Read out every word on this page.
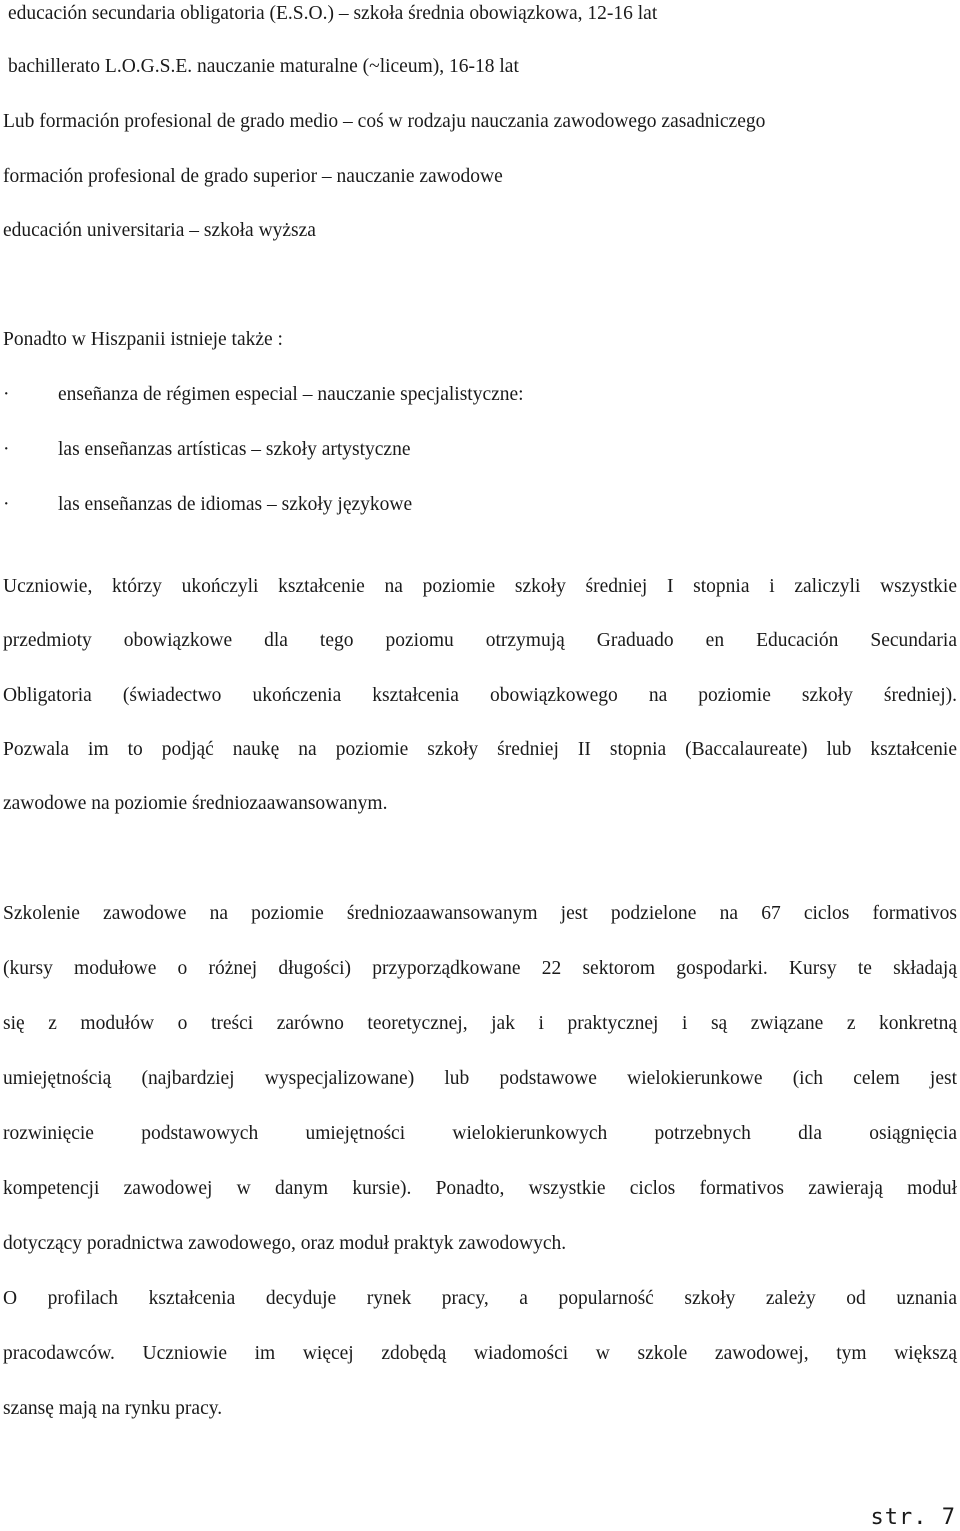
educación secundaria obligatoria (E.S.O.) – szkoła średnia obowiązkowa, 12-16 lat
bachillerato L.O.G.S.E. nauczanie maturalne (~liceum), 16-18 lat
Lub formación profesional de grado medio – coś w rodzaju nauczania zawodowego zasadniczego
formación profesional de grado superior – nauczanie zawodowe
educación universitaria – szkoła wyższa
Ponadto w Hiszpanii istnieje także :
· enseñanza de régimen especial – nauczanie specjalistyczne:
· las enseñanzas artísticas – szkoły artystyczne
· las enseñanzas de idiomas – szkoły językowe
Uczniowie, którzy ukończyli kształcenie na poziomie szkoły średniej I stopnia i zaliczyli wszystkie
przedmioty obowiązkowe dla tego poziomu otrzymują Graduado en Educación Secundaria
Obligatoria (świadectwo ukończenia kształcenia obowiązkowego na poziomie szkoły średniej).
Pozwala im to podjąć naukę na poziomie szkoły średniej II stopnia (Baccalaureate) lub kształcenie
zawodowe na poziomie średniozaawansowanym.
Szkolenie zawodowe na poziomie średniozaawansowanym jest podzielone na 67 ciclos formativos
(kursy modułowe o różnej długości) przyporządkowane 22 sektorom gospodarki. Kursy te składają
się z modułów o treści zarówno teoretycznej, jak i praktycznej i są związane z konkretną
umiejętnością (najbardziej wyspecjalizowane) lub podstawowe wielokierunkowe (ich celem jest
rozwinięcie podstawowych umiejętności wielokierunkowych potrzebnych dla osiągnięcia
kompetencji zawodowej w danym kursie). Ponadto, wszystkie ciclos formativos zawierają moduł
dotyczący poradnictwa zawodowego, oraz moduł praktyk zawodowych.
O profilach kształcenia decyduje rynek pracy, a popularność szkoły zależy od uznania
pracodawców. Uczniowie im więcej zdobędą wiadomości w szkole zawodowej, tym większą
szansę mają na rynku pracy.
str. 7
